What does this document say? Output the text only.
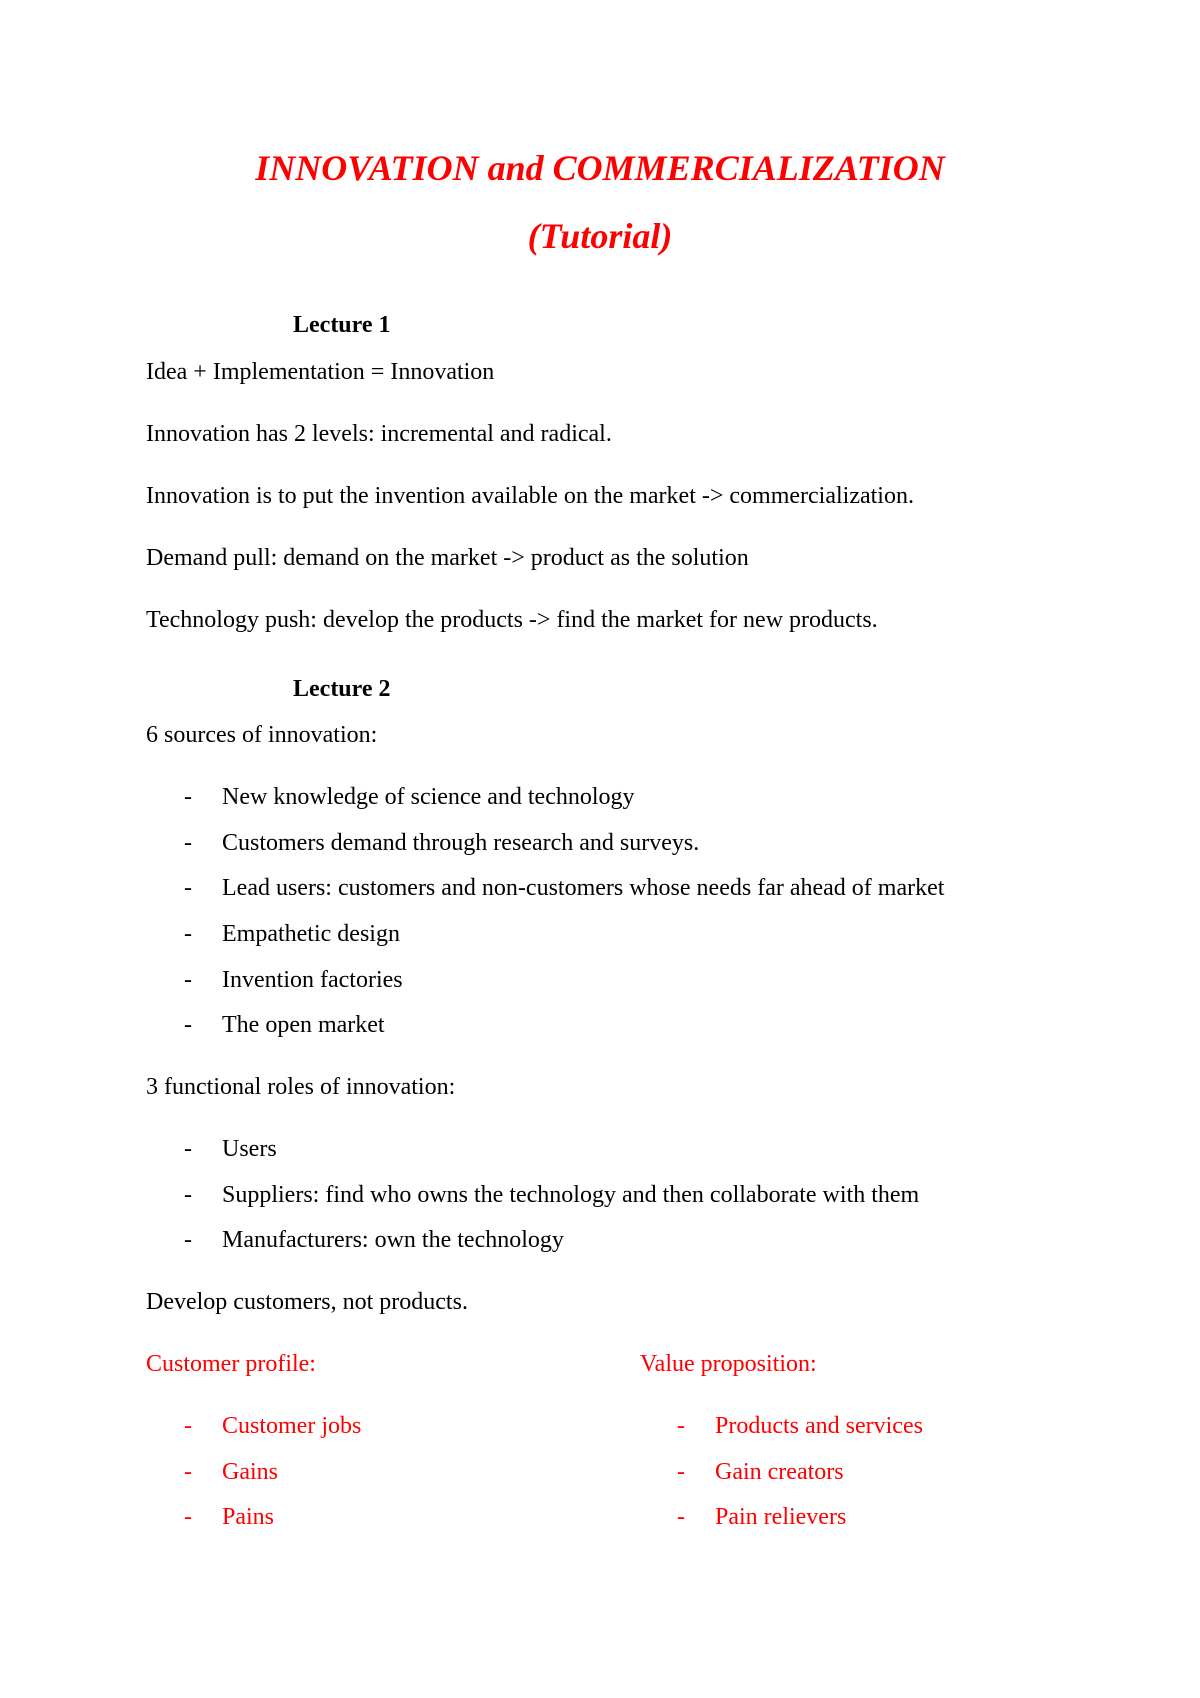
INNOVATION and COMMERCIALIZATION
(Tutorial)

Lecture 1

Idea + Implementation = Innovation

Innovation has 2 levels: incremental and radical.

Innovation is to put the invention available on the market -> commercialization.

Demand pull: demand on the market -> product as the solution

Technology push: develop the products -> find the market for new products.

Lecture 2

6 sources of innovation:

- New knowledge of science and technology
- Customers demand through research and surveys.
- Lead users: customers and non-customers whose needs far ahead of market
- Empathetic design
- Invention factories
- The open market

3 functional roles of innovation:

- Users
- Suppliers: find who owns the technology and then collaborate with them
- Manufacturers: own the technology

Develop customers, not products.

Customer profile:	Value proposition:

- Customer jobs
- Gains
- Pains
- Products and services
- Gain creators
- Pain relievers
